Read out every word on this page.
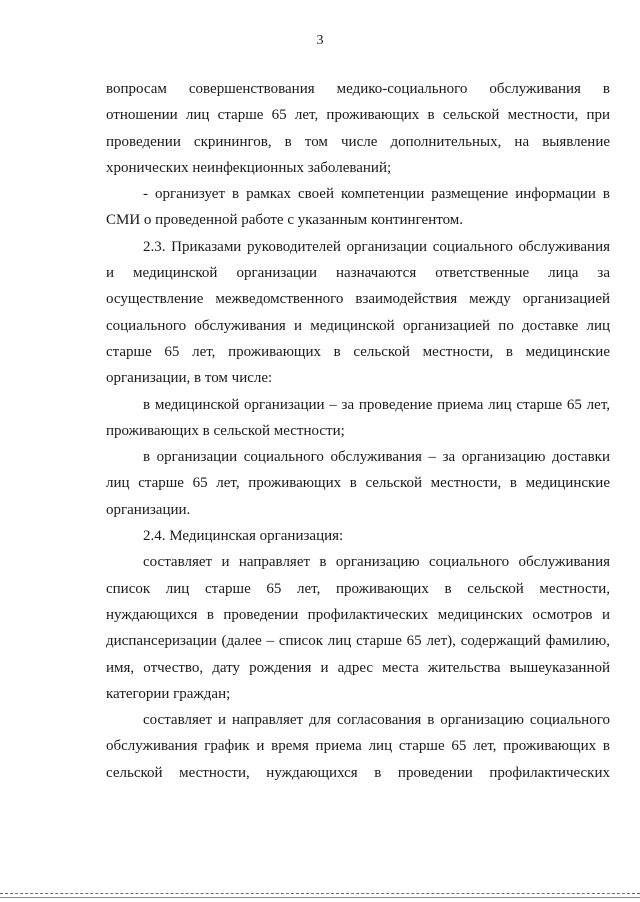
3
вопросам совершенствования медико-социального обслуживания в
отношении лиц старше 65 лет, проживающих в сельской местности, при
проведении скринингов, в том числе дополнительных, на выявление
хронических неинфекционных заболеваний;
- организует в рамках своей компетенции размещение информации в
СМИ о проведенной работе с указанным контингентом.
2.3. Приказами руководителей организации социального обслуживания
и медицинской организации назначаются ответственные лица за
осуществление межведомственного взаимодействия между организацией
социального обслуживания и медицинской организацией по доставке лиц
старше 65 лет, проживающих в сельской местности, в медицинские
организации, в том числе:
в медицинской организации – за проведение приема лиц старше 65 лет,
проживающих в сельской местности;
в организации социального обслуживания – за организацию доставки
лиц старше 65 лет, проживающих в сельской местности, в медицинские
организации.
2.4. Медицинская организация:
составляет и направляет в организацию социального обслуживания
список лиц старше 65 лет, проживающих в сельской местности,
нуждающихся в проведении профилактических медицинских осмотров и
диспансеризации (далее – список лиц старше 65 лет), содержащий фамилию,
имя, отчество, дату рождения и адрес места жительства вышеуказанной
категории граждан;
составляет и направляет для согласования в организацию социального
обслуживания график и время приема лиц старше 65 лет, проживающих в
сельской местности, нуждающихся в проведении профилактических
